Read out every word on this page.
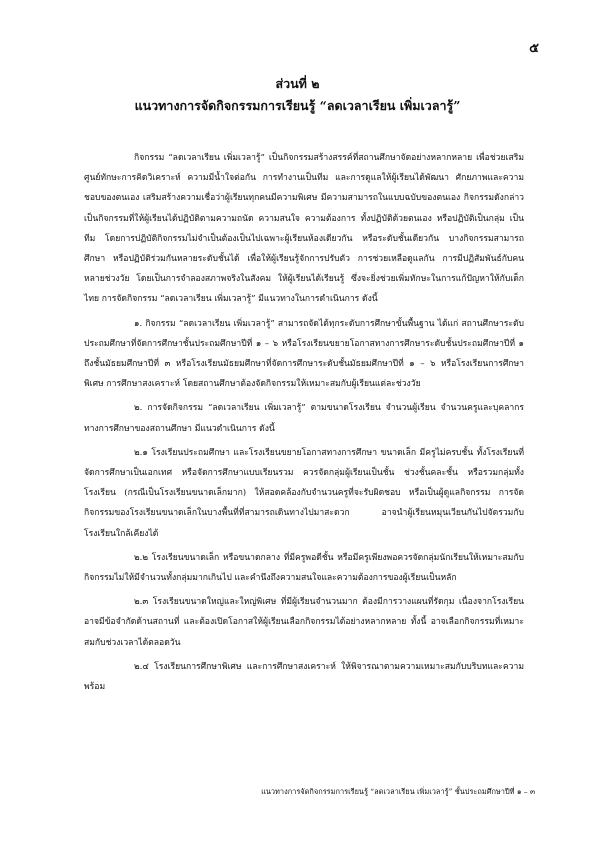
๕
ส่วนที่ ๒
แนวทางการจัดกิจกรรมการเรียนรู้ “ลดเวลาเรียน เพิ่มเวลารู้”

กิจกรรม “ลดเวลาเรียน เพิ่มเวลารู้” เป็นกิจกรรมสร้างสรรค์ที่สถานศึกษาจัดอย่างหลากหลาย เพื่อช่วยเสริมศูนย์ทักษะการคิดวิเคราะห์ ความมีน้ำใจต่อกัน การทำงานเป็นทีม และการดูแลให้ผู้เรียนได้พัฒนา ศักยภาพและความชอบของตนเอง เสริมสร้างความเชื่อว่าผู้เรียนทุกคนมีความพิเศษ มีความสามารถในแบบฉบับของตนเอง กิจกรรมดังกล่าวเป็นกิจกรรมที่ให้ผู้เรียนได้ปฏิบัติตามความถนัด ความสนใจ ความต้องการ ทั้งปฏิบัติด้วยตนเอง หรือปฏิบัติเป็นกลุ่ม เป็นทีม โดยการปฏิบัติกิจกรรมไม่จำเป็นต้องเป็นไปเฉพาะผู้เรียนห้องเดียวกัน หรือระดับชั้นเดียวกัน บางกิจกรรมสามารถศึกษา หรือปฏิบัติร่วมกันหลายระดับชั้นได้ เพื่อให้ผู้เรียนรู้จักการปรับตัว การช่วยเหลือดูแลกัน การมีปฏิสัมพันธ์กับคนหลายช่วงวัย โดยเป็นการจำลองสภาพจริงในสังคม ให้ผู้เรียนได้เรียนรู้ ซึ่งจะยิ่งช่วยเพิ่มทักษะในการแก้ปัญหาให้กับเด็กไทย การจัดกิจกรรม “ลดเวลาเรียน เพิ่มเวลารู้” มีแนวทางในการดำเนินการ ดังนี้

๑. กิจกรรม “ลดเวลาเรียน เพิ่มเวลารู้” สามารถจัดได้ทุกระดับการศึกษาขั้นพื้นฐาน ได้แก่ สถานศึกษาระดับประถมศึกษาที่จัดการศึกษาชั้นประถมศึกษาปีที่ ๑ – ๖ หรือโรงเรียนขยายโอกาสทางการศึกษาระดับชั้นประถมศึกษาปีที่ ๑ ถึงชั้นมัธยมศึกษาปีที่ ๓ หรือโรงเรียนมัธยมศึกษาที่จัดการศึกษาระดับชั้นมัธยมศึกษาปีที่ ๑ – ๖ หรือโรงเรียนการศึกษาพิเศษ การศึกษาสงเคราะห์ โดยสถานศึกษาต้องจัดกิจกรรมให้เหมาะสมกับผู้เรียนแต่ละช่วงวัย

๒. การจัดกิจกรรม “ลดเวลาเรียน เพิ่มเวลารู้” ตามขนาดโรงเรียน จำนวนผู้เรียน จำนวนครูและบุคลากรทางการศึกษาของสถานศึกษา มีแนวดำเนินการ ดังนี้

๒.๑ โรงเรียนประถมศึกษา และโรงเรียนขยายโอกาสทางการศึกษา ขนาดเล็ก มีครูไม่ครบชั้น ทั้งโรงเรียนที่จัดการศึกษาเป็นเอกเทศ หรือจัดการศึกษาแบบเรียนรวม ควรจัดกลุ่มผู้เรียนเป็นชั้น ช่วงชั้นคละชั้น หรือรวมกลุ่มทั้งโรงเรียน (กรณีเป็นโรงเรียนขนาดเล็กมาก) ให้สอดคล้องกับจำนวนครูที่จะรับผิดชอบ หรือเป็นผู้ดูแลกิจกรรม การจัดกิจกรรมของโรงเรียนขนาดเล็กในบางพื้นที่ที่สามารถเดินทางไปมาสะดวก อาจนำผู้เรียนหมุนเวียนกันไปจัดรวมกับโรงเรียนใกล้เคียงได้

๒.๒ โรงเรียนขนาดเล็ก หรือขนาดกลาง ที่มีครูพอดีชั้น หรือมีครูเพียงพอควรจัดกลุ่มนักเรียนให้เหมาะสมกับกิจกรรมไม่ให้มีจำนวนทั้งกลุ่มมากเกินไป และคำนึงถึงความสนใจและความต้องการของผู้เรียนเป็นหลัก

๒.๓ โรงเรียนขนาดใหญ่และใหญ่พิเศษ ที่มีผู้เรียนจำนวนมาก ต้องมีการวางแผนที่รัดกุม เนื่องจากโรงเรียนอาจมีข้อจำกัดด้านสถานที่ และต้องเปิดโอกาสให้ผู้เรียนเลือกกิจกรรมได้อย่างหลากหลาย ทั้งนี้ อาจเลือกกิจกรรมที่เหมาะสมกับช่วงเวลาได้ตลอดวัน

๒.๔ โรงเรียนการศึกษาพิเศษ และการศึกษาสงเคราะห์ ให้พิจารณาตามความเหมาะสมกับบริบทและความพร้อม

แนวทางการจัดกิจกรรมการเรียนรู้ “ลดเวลาเรียน เพิ่มเวลารู้” ชั้นประถมศึกษาปีที่ ๑ – ๓
